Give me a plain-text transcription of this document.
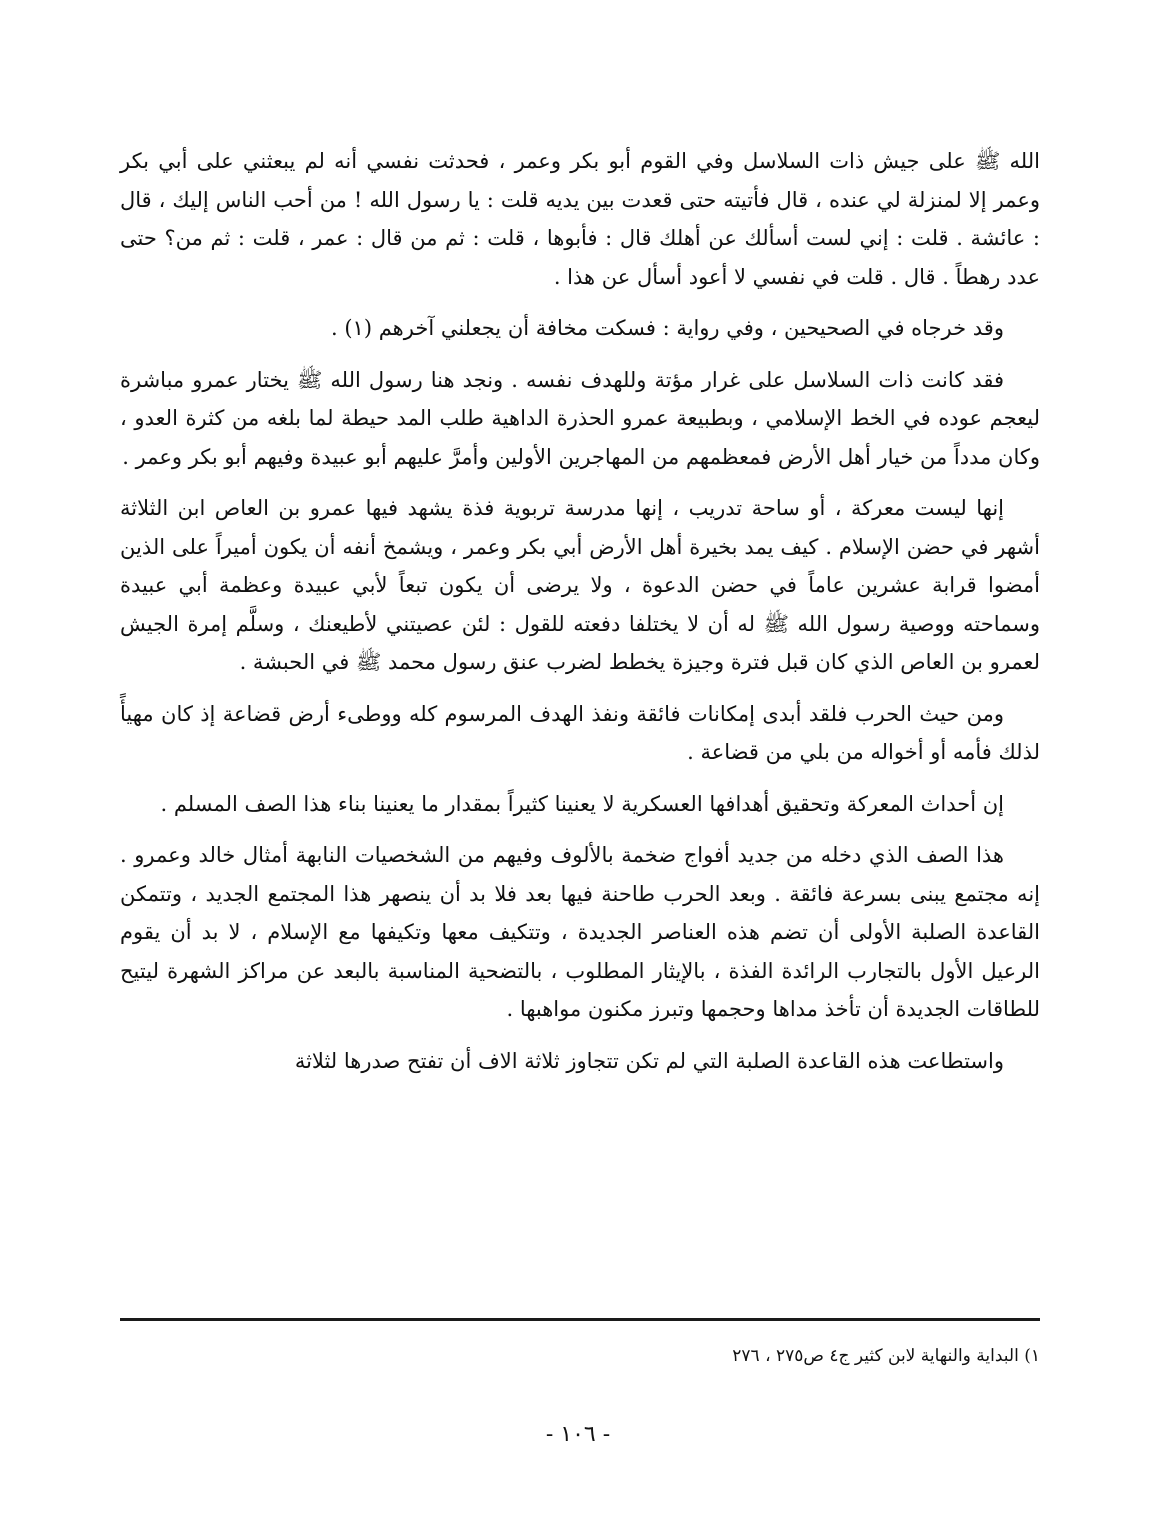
الله ﷺ على جيش ذات السلاسل وفي القوم أبو بكر وعمر ، فحدثت نفسي أنه لم يبعثني على أبي بكر وعمر إلا لمنزلة لي عنده ، قال فأتيته حتى قعدت بين يديه قلت : يا رسول الله ! من أحب الناس إليك ، قال : عائشة . قلت : إني لست أسألك عن أهلك قال : فأبوها ، قلت : ثم من قال : عمر ، قلت : ثم من؟ حتى عدد رهطاً . قال . قلت في نفسي لا أعود أسأل عن هذا .

وقد خرجاه في الصحيحين ، وفي رواية : فسكت مخافة أن يجعلني آخرهم (١) .

فقد كانت ذات السلاسل على غرار مؤتة وللهدف نفسه . ونجد هنا رسول الله ﷺ يختار عمرو مباشرة ليعجم عوده في الخط الإسلامي ، وبطبيعة عمرو الحذرة الداهية طلب المد حيطة لما بلغه من كثرة العدو ، وكان مدداً من خيار أهل الأرض فمعظمهم من المهاجرين الأولين وأمرَّ عليهم أبو عبيدة وفيهم أبو بكر وعمر .

إنها ليست معركة ، أو ساحة تدريب ، إنها مدرسة تربوية فذة يشهد فيها عمرو بن العاص ابن الثلاثة أشهر في حضن الإسلام . كيف يمد بخيرة أهل الأرض أبي بكر وعمر ، ويشمخ أنفه أن يكون أميراً على الذين أمضوا قرابة عشرين عاماً في حضن الدعوة ، ولا يرضى أن يكون تبعاً لأبي عبيدة وعظمة أبي عبيدة وسماحته ووصية رسول الله ﷺ له أن لا يختلفا دفعته للقول : لئن عصيتني لأطيعنك ، وسلَّم إمرة الجيش لعمرو بن العاص الذي كان قبل فترة وجيزة يخطط لضرب عنق رسول محمد ﷺ في الحبشة .

ومن حيث الحرب فلقد أبدى إمكانات فائقة ونفذ الهدف المرسوم كله ووطىء أرض قضاعة إذ كان مهيأً لذلك فأمه أو أخواله من بلي من قضاعة .

إن أحداث المعركة وتحقيق أهدافها العسكرية لا يعنينا كثيراً بمقدار ما يعنينا بناء هذا الصف المسلم .

هذا الصف الذي دخله من جديد أفواج ضخمة بالألوف وفيهم من الشخصيات النابهة أمثال خالد وعمرو . إنه مجتمع يبنى بسرعة فائقة . وبعد الحرب طاحنة فيها بعد فلا بد أن ينصهر هذا المجتمع الجديد ، وتتمكن القاعدة الصلبة الأولى أن تضم هذه العناصر الجديدة ، وتتكيف معها وتكيفها مع الإسلام ، لا بد أن يقوم الرعيل الأول بالتجارب الرائدة الفذة ، بالإيثار المطلوب ، بالتضحية المناسبة بالبعد عن مراكز الشهرة ليتيح للطاقات الجديدة أن تأخذ مداها وحجمها وتبرز مكنون مواهبها .

واستطاعت هذه القاعدة الصلبة التي لم تكن تتجاوز ثلاثة الاف أن تفتح صدرها لثلاثة

١) البداية والنهاية لابن كثير ج٤ ص٢٧٥ ، ٢٧٦
- ١٠٦ -
